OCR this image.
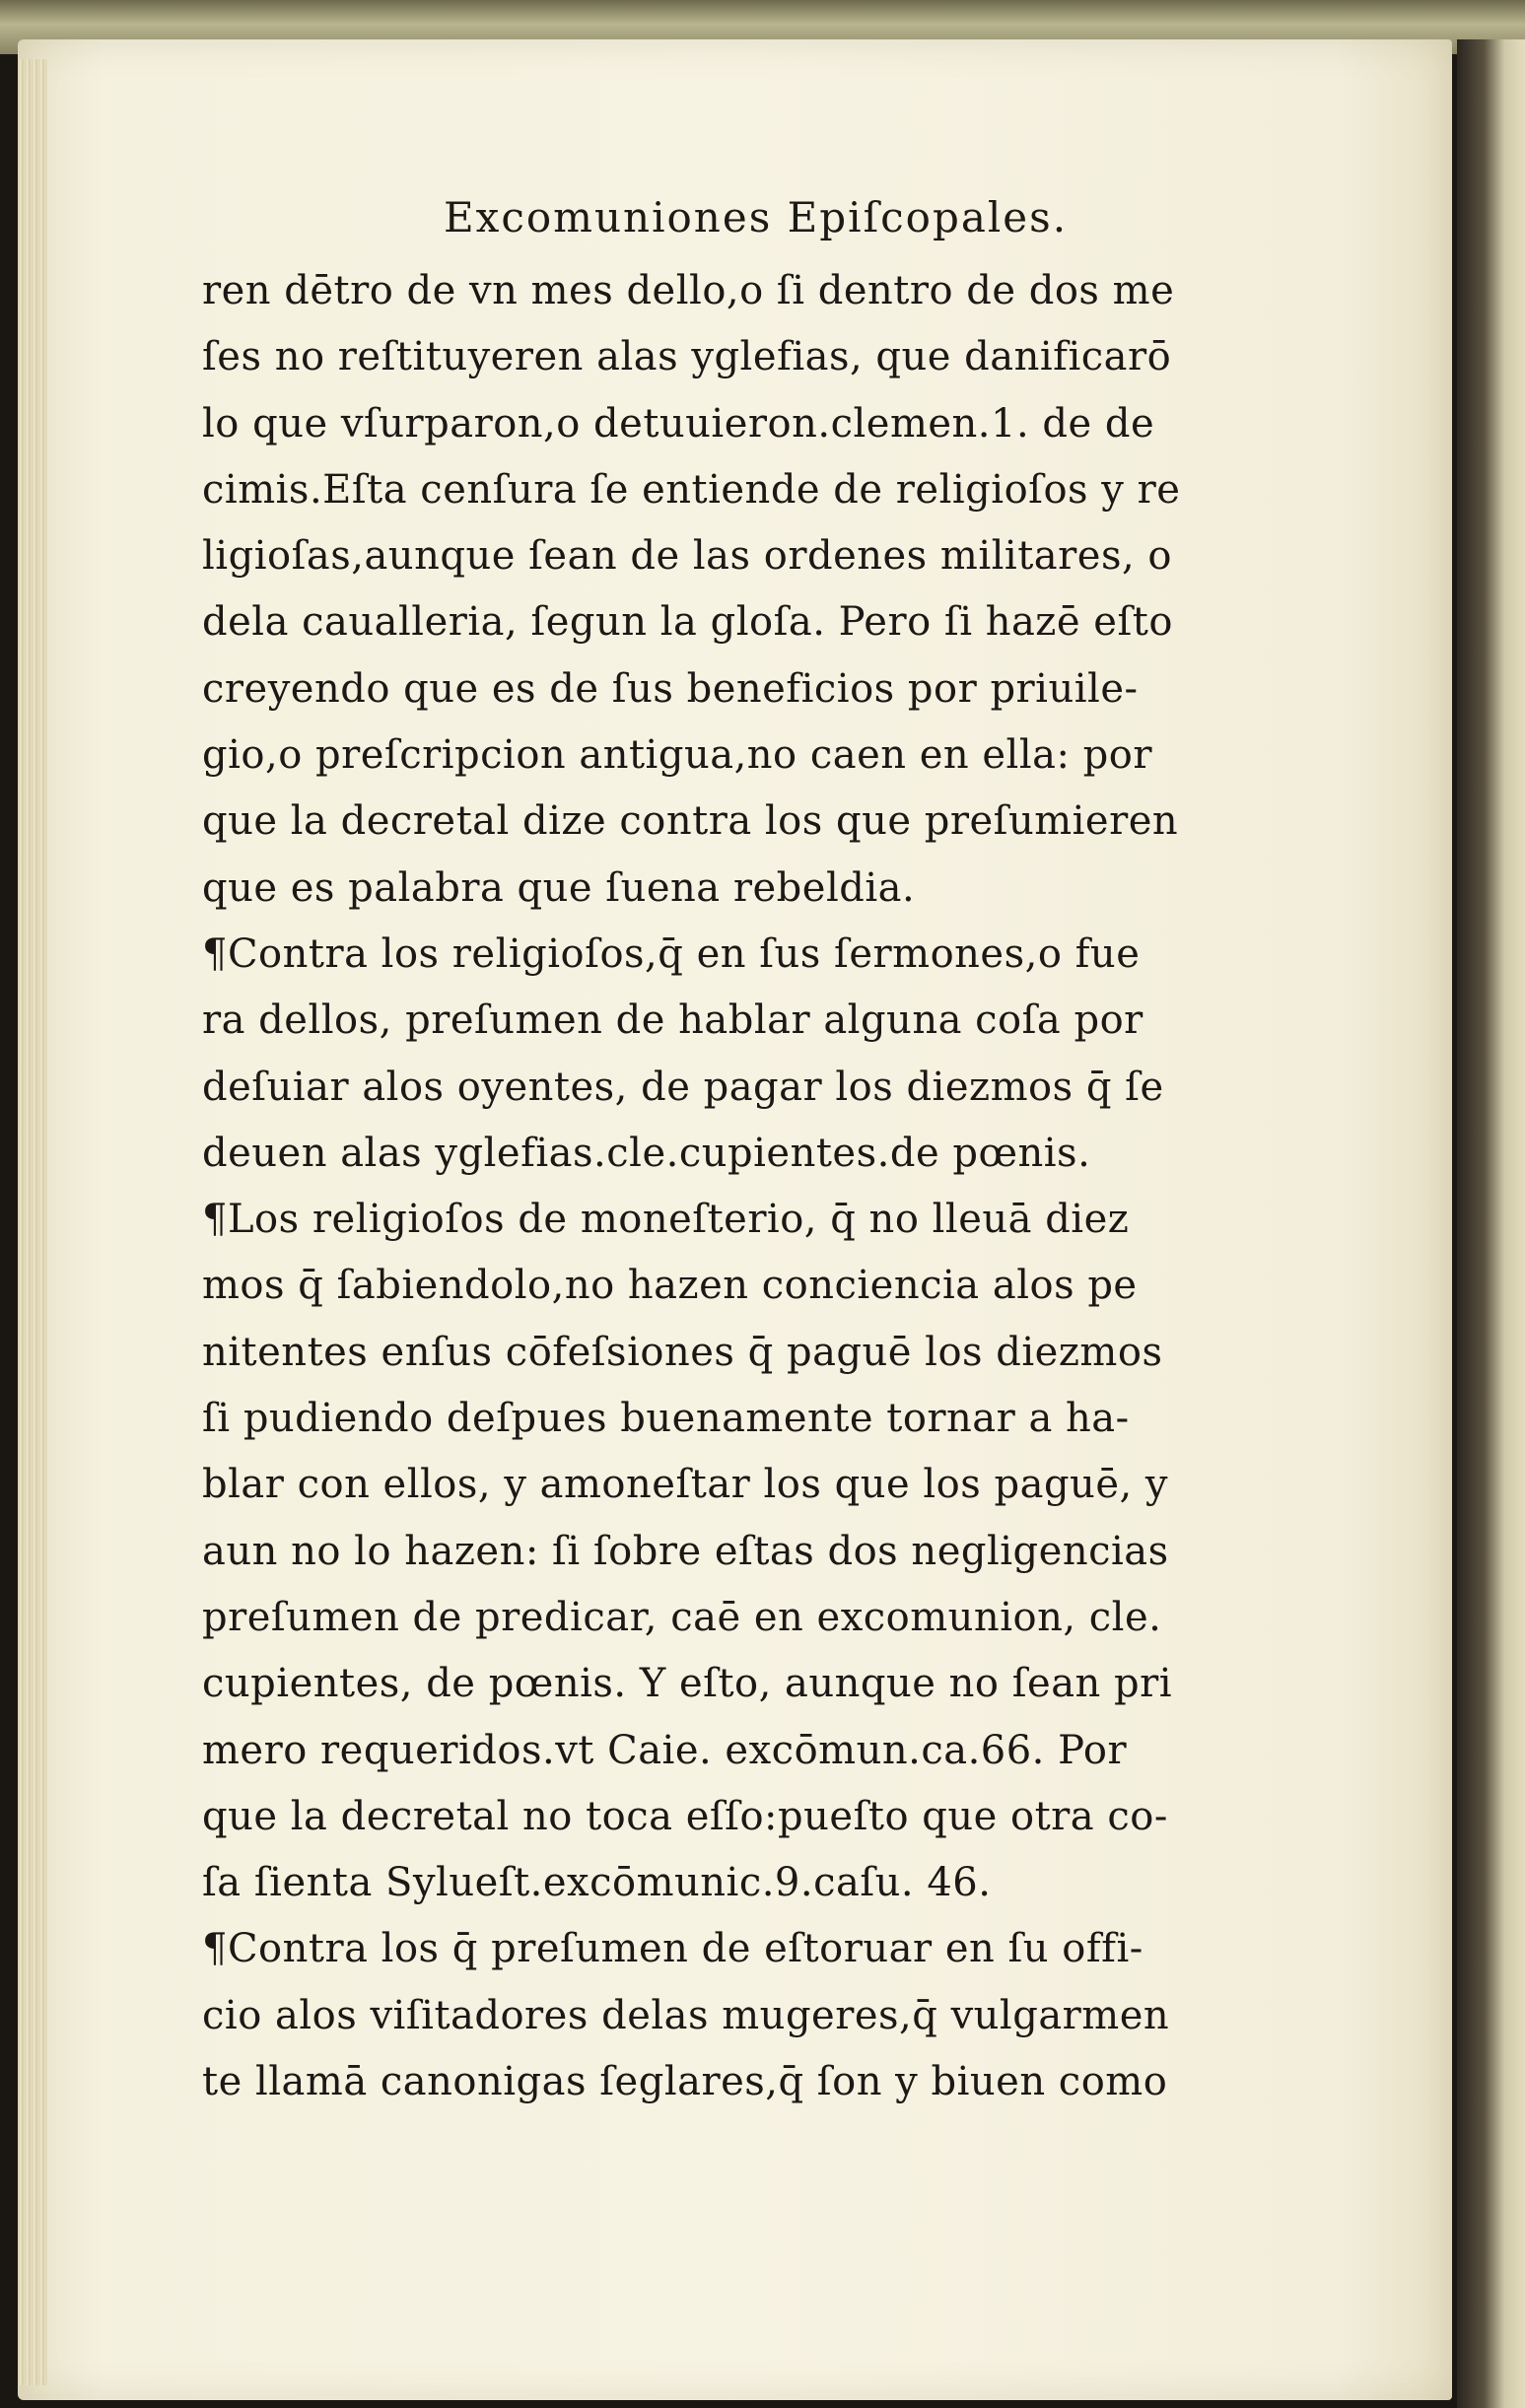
Excomuniones Epiſcopales.
ren dētro de vn mes dello,o ſi dentro de dos me
ſes no reſtituyeren alas yglefias, que danificarō
lo que vſurparon,o detuuieron.clemen.1. de de
cimis.Eſta cenſura ſe entiende de religioſos y re
ligioſas,aunque ſean de las ordenes militares, o
dela caualleria, ſegun la gloſa. Pero ſi hazē eſto
creyendo que es de ſus beneficios por priuile-
gio,o preſcripcion antigua,no caen en ella: por
que la decretal dize contra los que preſumieren
que es palabra que ſuena rebeldia.
¶Contra los religioſos,q̄ en ſus ſermones,o fue
ra dellos, preſumen de hablar alguna coſa por
deſuiar alos oyentes, de pagar los diezmos q̄ ſe
deuen alas yglefias.cle.cupientes.de pœnis.
¶Los religioſos de moneſterio, q̄ no lleuā diez
mos q̄ ſabiendolo,no hazen conciencia alos pe
nitentes enſus cōfeſsiones q̄ paguē los diezmos
ſi pudiendo deſpues buenamente tornar a ha-
blar con ellos, y amoneſtar los que los paguē, y
aun no lo hazen: ſi ſobre eſtas dos negligencias
preſumen de predicar, caē en excomunion, cle.
cupientes, de pœnis. Y eſto, aunque no ſean pri
mero requeridos.vt Caie. excōmun.ca.66. Por
que la decretal no toca eſſo:pueſto que otra co-
ſa ſienta Sylueſt.excōmunic.9.caſu. 46.
¶Contra los q̄ preſumen de eſtoruar en ſu offi-
cio alos viſitadores delas mugeres,q̄ vulgarmen
te llamā canonigas ſeglares,q̄ ſon y biuen como
